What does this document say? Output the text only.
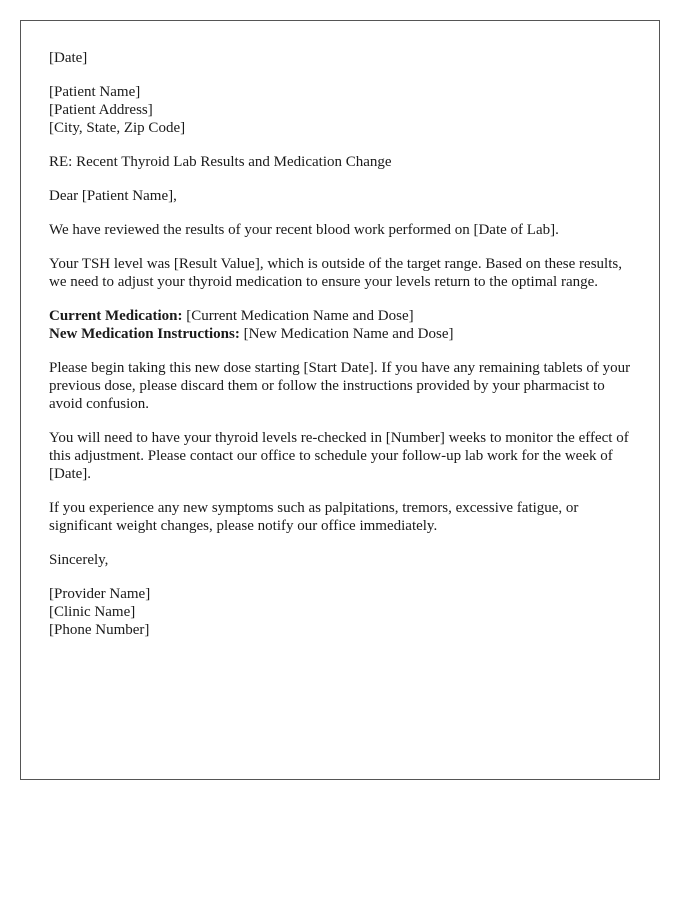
[Date]
[Patient Name]
[Patient Address]
[City, State, Zip Code]
RE: Recent Thyroid Lab Results and Medication Change
Dear [Patient Name],
We have reviewed the results of your recent blood work performed on [Date of Lab].
Your TSH level was [Result Value], which is outside of the target range. Based on these results, we need to adjust your thyroid medication to ensure your levels return to the optimal range.
Current Medication: [Current Medication Name and Dose]
New Medication Instructions: [New Medication Name and Dose]
Please begin taking this new dose starting [Start Date]. If you have any remaining tablets of your previous dose, please discard them or follow the instructions provided by your pharmacist to avoid confusion.
You will need to have your thyroid levels re-checked in [Number] weeks to monitor the effect of this adjustment. Please contact our office to schedule your follow-up lab work for the week of [Date].
If you experience any new symptoms such as palpitations, tremors, excessive fatigue, or significant weight changes, please notify our office immediately.
Sincerely,
[Provider Name]
[Clinic Name]
[Phone Number]
